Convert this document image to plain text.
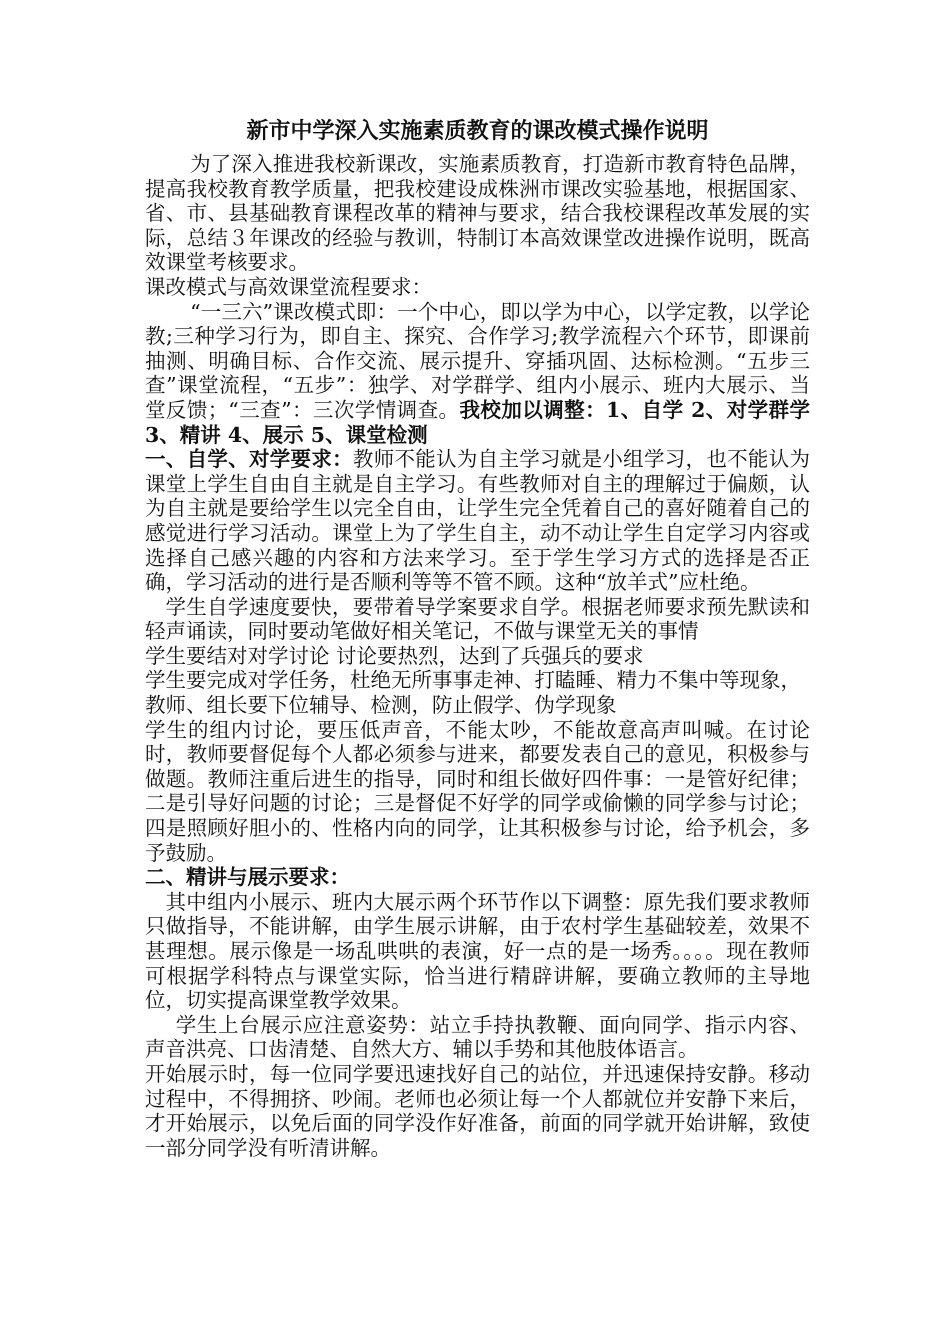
新市中学深入实施素质教育的课改模式操作说明

为了深入推进我校新课改，实施素质教育，打造新市教育特色品牌，提高我校教育教学质量，把我校建设成株洲市课改实验基地，根据国家、省、市、县基础教育课程改革的精神与要求，结合我校课程改革发展的实际，总结３年课改的经验与教训，特制订本高效课堂改进操作说明，既高效课堂考核要求。

课改模式与高效课堂流程要求：

“一三六”课改模式即：一个中心，即以学为中心，以学定教，以学论教;三种学习行为，即自主、探究、合作学习;教学流程六个环节，即课前抽测、明确目标、合作交流、展示提升、穿插巩固、达标检测。“五步三查”课堂流程，“五步”：独学、对学群学、组内小展示、班内大展示、当堂反馈；“三查”：三次学情调查。我校加以调整：1、自学 2、对学群学 3、精讲 4、展示 5、课堂检测

一、自学、对学要求：教师不能认为自主学习就是小组学习，也不能认为课堂上学生自由自主就是自主学习。有些教师对自主的理解过于偏颇，认为自主就是要给学生以完全自由，让学生完全凭着自己的喜好随着自己的感觉进行学习活动。课堂上为了学生自主，动不动让学生自定学习内容或选择自己感兴趣的内容和方法来学习。至于学生学习方式的选择是否正确，学习活动的进行是否顺利等等不管不顾。这种“放羊式”应杜绝。

学生自学速度要快，要带着导学案要求自学。根据老师要求预先默读和轻声诵读，同时要动笔做好相关笔记，不做与课堂无关的事情

学生要结对对学讨论 讨论要热烈，达到了兵强兵的要求

学生要完成对学任务，杜绝无所事事走神、打瞌睡、精力不集中等现象，

教师、组长要下位辅导、检测，防止假学、伪学现象

学生的组内讨论，要压低声音，不能太吵，不能故意高声叫喊。在讨论时，教师要督促每个人都必须参与进来，都要发表自己的意见，积极参与做题。教师注重后进生的指导，同时和组长做好四件事：一是管好纪律；二是引导好问题的讨论；三是督促不好学的同学或偷懒的同学参与讨论；四是照顾好胆小的、性格内向的同学，让其积极参与讨论，给予机会，多予鼓励。

二、精讲与展示要求：

其中组内小展示、班内大展示两个环节作以下调整：原先我们要求教师只做指导，不能讲解，由学生展示讲解，由于农村学生基础较差，效果不甚理想。展示像是一场乱哄哄的表演，好一点的是一场秀。。。。现在教师可根据学科特点与课堂实际，恰当进行精辟讲解，要确立教师的主导地位，切实提高课堂教学效果。

学生上台展示应注意姿势：站立手持执教鞭、面向同学、指示内容、声音洪亮、口齿清楚、自然大方、辅以手势和其他肢体语言。

开始展示时，每一位同学要迅速找好自己的站位，并迅速保持安静。移动过程中，不得拥挤、吵闹。老师也必须让每一个人都就位并安静下来后，才开始展示，以免后面的同学没作好准备，前面的同学就开始讲解，致使一部分同学没有听清讲解。
